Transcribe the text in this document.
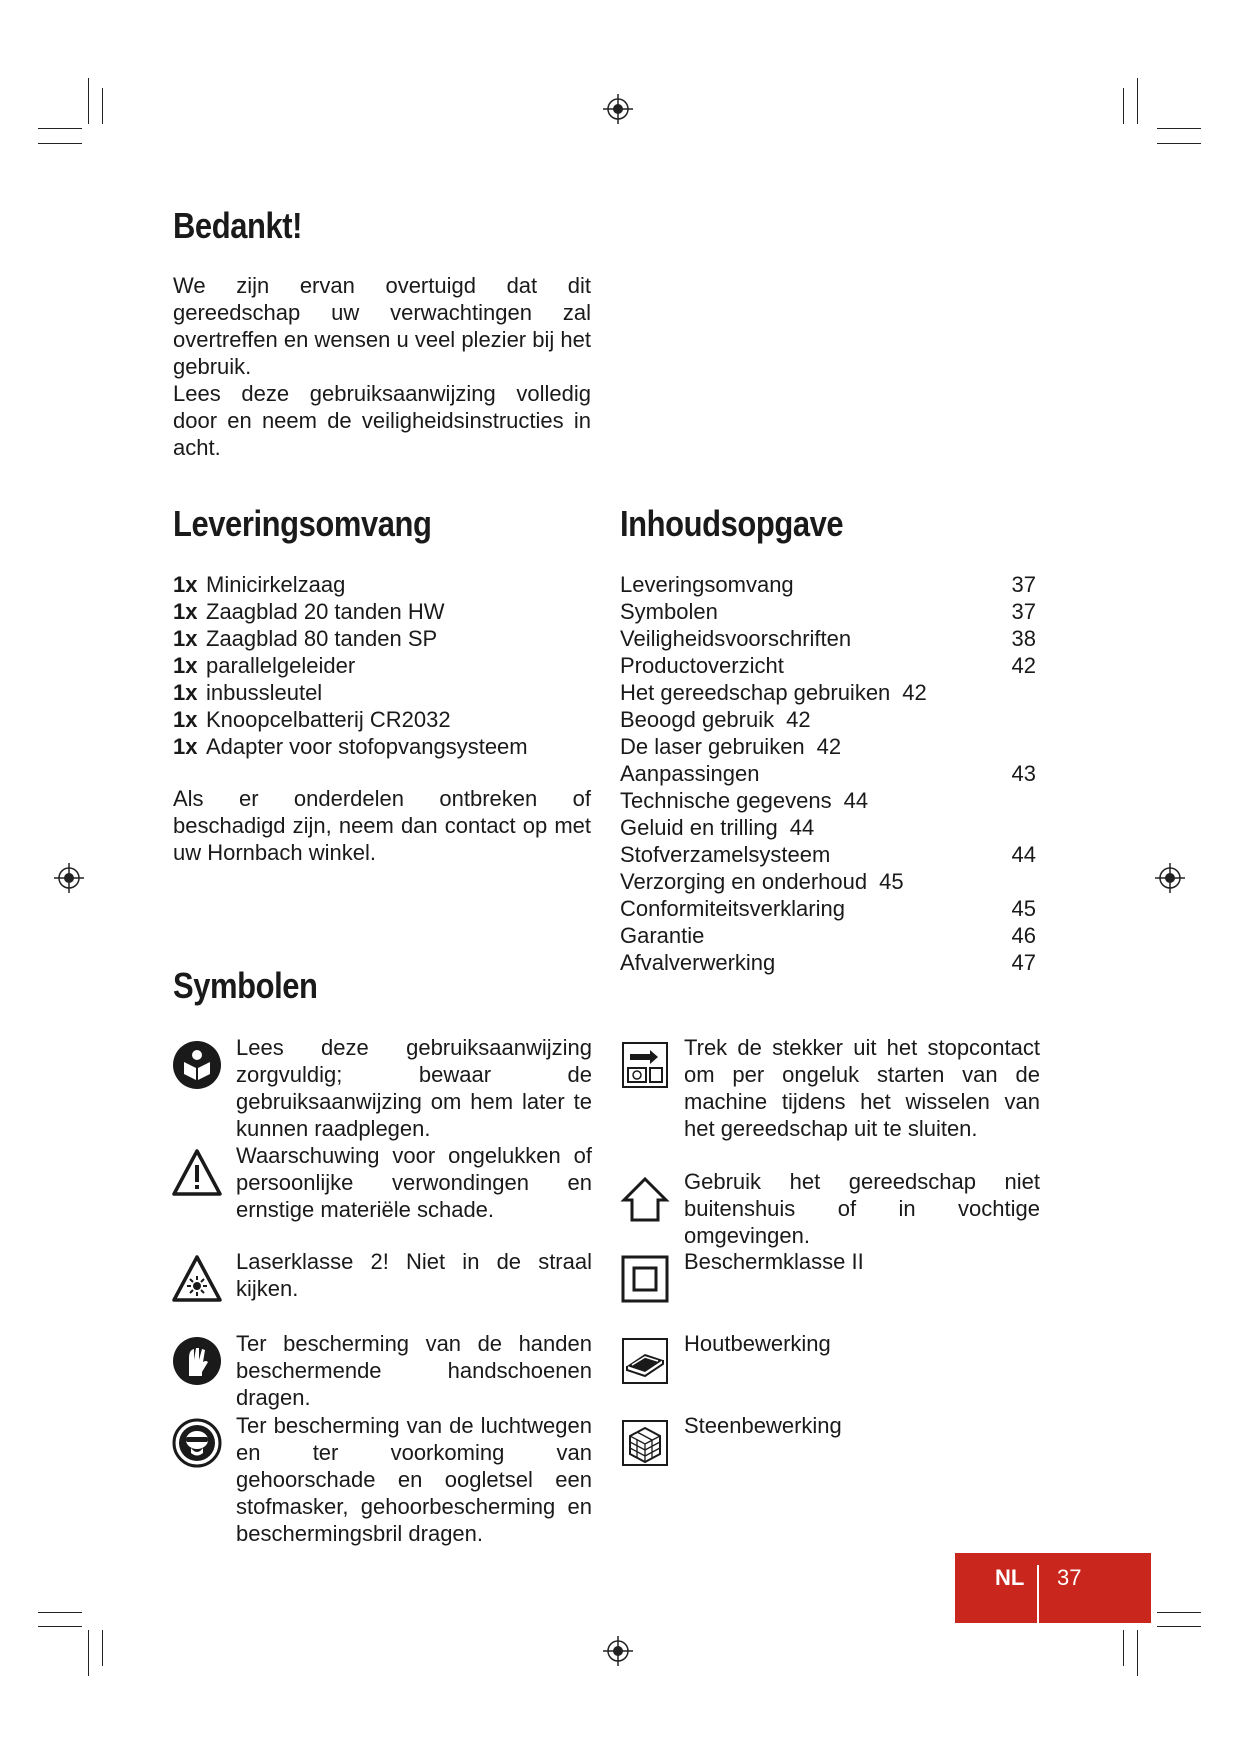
Bedankt!

We zijn ervan overtuigd dat dit gereedschap uw verwachtingen zal overtreffen en wensen u veel plezier bij het gebruik.

Lees deze gebruiksaanwijzing volledig door en neem de veiligheidsinstructies in acht.

Leveringsomvang
1x Minicirkelzaag
1x Zaagblad 20 tanden HW
1x Zaagblad 80 tanden SP
1x parallelgeleider
1x inbussleutel
1x Knoopcelbatterij CR2032
1x Adapter voor stofopvangsysteem

Als er onderdelen ontbreken of beschadigd zijn, neem dan contact op met uw Hornbach winkel.

Inhoudsopgave
Leveringsomvang	37
Symbolen	37
Veiligheidsvoorschriften	38
Productoverzicht	42
Het gereedschap gebruiken 42
Beoogd gebruik 42
De laser gebruiken 42
Aanpassingen	43
Technische gegevens 44
Geluid en trilling 44
Stofverzamelsysteem	44
Verzorging en onderhoud 45
Conformiteitsverklaring	45
Garantie	46
Afvalverwerking	47
Symbolen

Lees deze gebruiksaanwijzing zorgvuldig; bewaar de gebruiksaanwijzing om hem later te kunnen raadplegen.

Waarschuwing voor ongelukken of persoonlijke verwondingen en ernstige materiële schade.

Laserklasse 2! Niet in de straal kijken.

Ter bescherming van de handen beschermende handschoenen dragen.

Ter bescherming van de luchtwegen en ter voorkoming van gehoorschade en oogletsel een stofmasker, gehoorbescherming en beschermingsbril dragen.

Trek de stekker uit het stopcontact om per ongeluk starten van de machine tijdens het wisselen van het gereedschap uit te sluiten.

Gebruik het gereedschap niet buitenshuis of in vochtige omgevingen.

Beschermklasse II

Houtbewerking

Steenbewerking

NL 37
